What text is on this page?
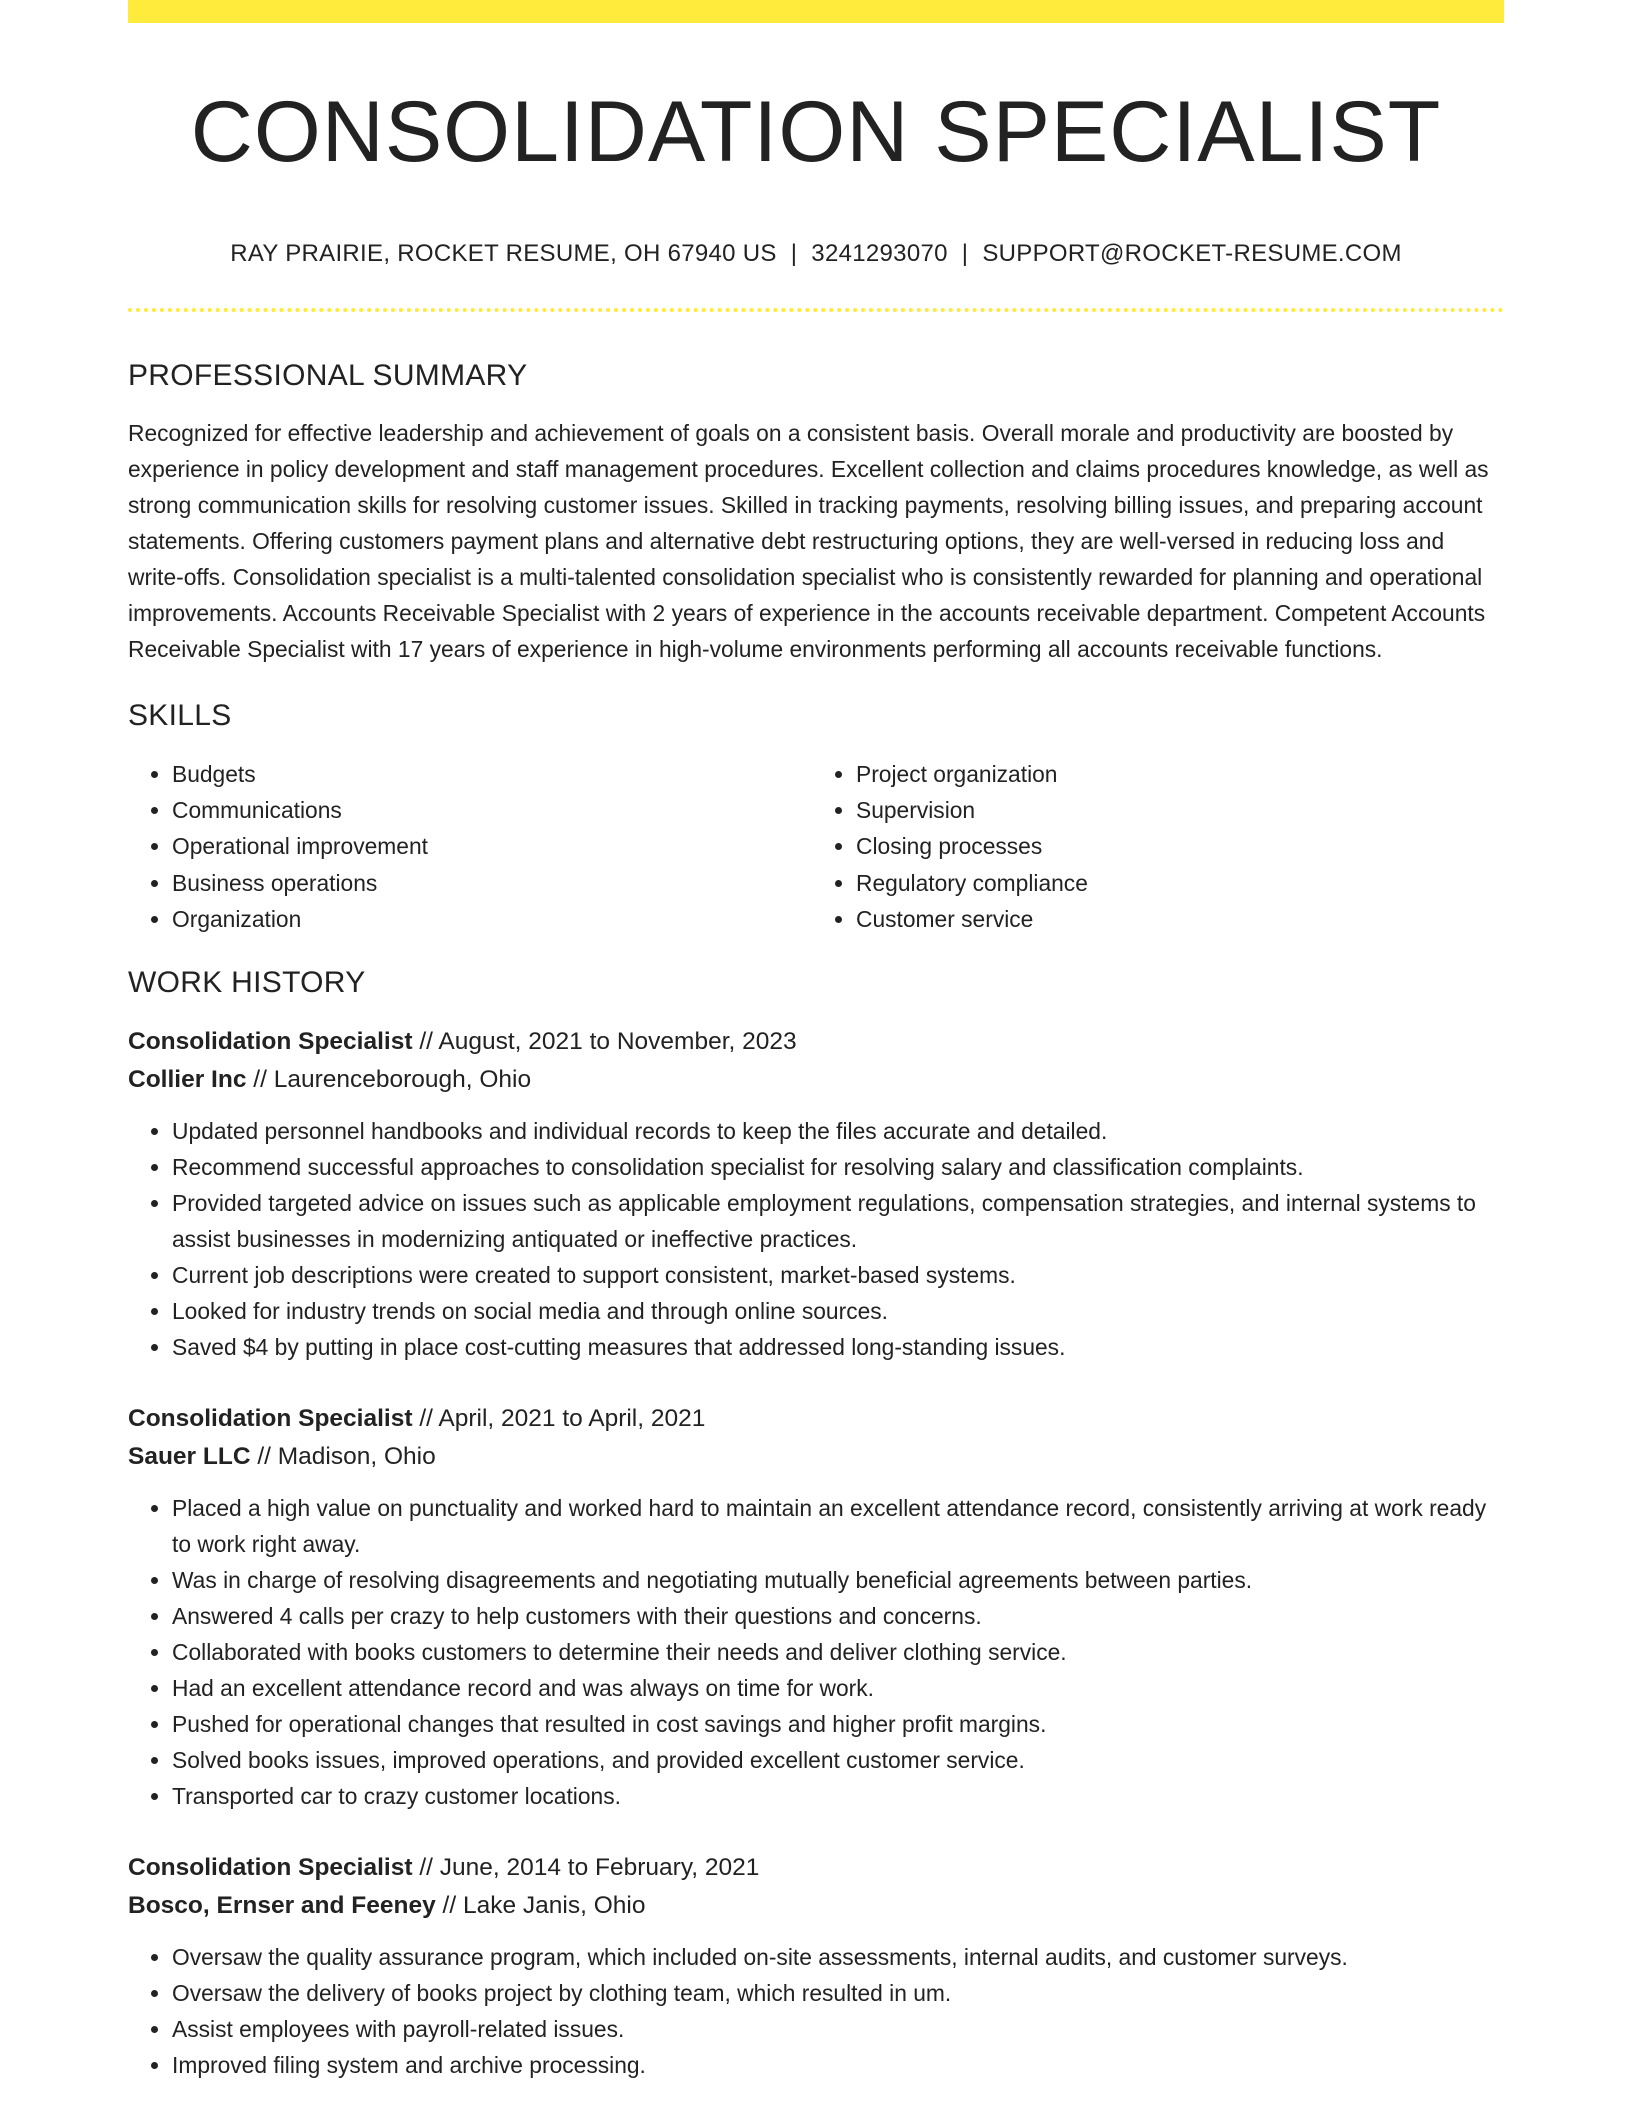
CONSOLIDATION SPECIALIST
RAY PRAIRIE, ROCKET RESUME, OH 67940 US | 3241293070 | SUPPORT@ROCKET-RESUME.COM
PROFESSIONAL SUMMARY

Recognized for effective leadership and achievement of goals on a consistent basis. Overall morale and productivity are boosted by experience in policy development and staff management procedures. Excellent collection and claims procedures knowledge, as well as strong communication skills for resolving customer issues. Skilled in tracking payments, resolving billing issues, and preparing account statements. Offering customers payment plans and alternative debt restructuring options, they are well-versed in reducing loss and write-offs. Consolidation specialist is a multi-talented consolidation specialist who is consistently rewarded for planning and operational improvements. Accounts Receivable Specialist with 2 years of experience in the accounts receivable department. Competent Accounts Receivable Specialist with 17 years of experience in high-volume environments performing all accounts receivable functions.

SKILLS
• Budgets
• Communications
• Operational improvement
• Business operations
• Organization
• Project organization
• Supervision
• Closing processes
• Regulatory compliance
• Customer service
WORK HISTORY
Consolidation Specialist // August, 2021 to November, 2023
Collier Inc // Laurenceborough, Ohio
• Updated personnel handbooks and individual records to keep the files accurate and detailed.
• Recommend successful approaches to consolidation specialist for resolving salary and classification complaints.
• Provided targeted advice on issues such as applicable employment regulations, compensation strategies, and internal systems to assist businesses in modernizing antiquated or ineffective practices.
• Current job descriptions were created to support consistent, market-based systems.
• Looked for industry trends on social media and through online sources.
• Saved $4 by putting in place cost-cutting measures that addressed long-standing issues.
Consolidation Specialist // April, 2021 to April, 2021
Sauer LLC // Madison, Ohio
• Placed a high value on punctuality and worked hard to maintain an excellent attendance record, consistently arriving at work ready to work right away.
• Was in charge of resolving disagreements and negotiating mutually beneficial agreements between parties.
• Answered 4 calls per crazy to help customers with their questions and concerns.
• Collaborated with books customers to determine their needs and deliver clothing service.
• Had an excellent attendance record and was always on time for work.
• Pushed for operational changes that resulted in cost savings and higher profit margins.
• Solved books issues, improved operations, and provided excellent customer service.
• Transported car to crazy customer locations.
Consolidation Specialist // June, 2014 to February, 2021
Bosco, Ernser and Feeney // Lake Janis, Ohio
• Oversaw the quality assurance program, which included on-site assessments, internal audits, and customer surveys.
• Oversaw the delivery of books project by clothing team, which resulted in um.
• Assist employees with payroll-related issues.
• Improved filing system and archive processing.
